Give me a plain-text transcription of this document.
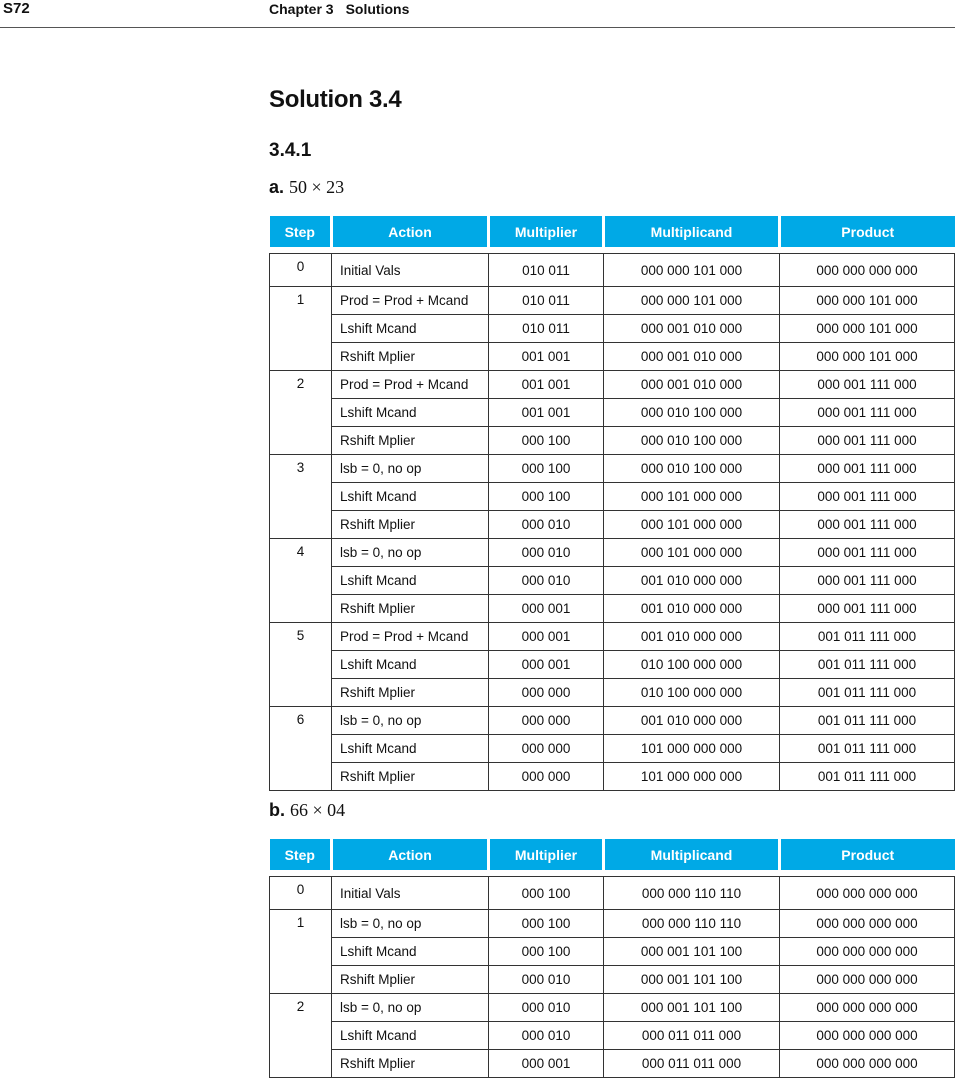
S72	Chapter 3 Solutions
Solution 3.4
3.4.1
a. 50 × 23
Step	Action	Multiplier	Multiplicand	Product

0	Initial Vals	010 011	000 000 101 000	000 000 000 000
1	Prod = Prod + Mcand	010 011	000 000 101 000	000 000 101 000
	Lshift Mcand	010 011	000 001 010 000	000 000 101 000
	Rshift Mplier	001 001	000 001 010 000	000 000 101 000
2	Prod = Prod + Mcand	001 001	000 001 010 000	000 001 111 000
	Lshift Mcand	001 001	000 010 100 000	000 001 111 000
	Rshift Mplier	000 100	000 010 100 000	000 001 111 000
3	lsb = 0, no op	000 100	000 010 100 000	000 001 111 000
	Lshift Mcand	000 100	000 101 000 000	000 001 111 000
	Rshift Mplier	000 010	000 101 000 000	000 001 111 000
4	lsb = 0, no op	000 010	000 101 000 000	000 001 111 000
	Lshift Mcand	000 010	001 010 000 000	000 001 111 000
	Rshift Mplier	000 001	001 010 000 000	000 001 111 000
5	Prod = Prod + Mcand	000 001	001 010 000 000	001 011 111 000
	Lshift Mcand	000 001	010 100 000 000	001 011 111 000
	Rshift Mplier	000 000	010 100 000 000	001 011 111 000
6	lsb = 0, no op	000 000	001 010 000 000	001 011 111 000
	Lshift Mcand	000 000	101 000 000 000	001 011 111 000
	Rshift Mplier	000 000	101 000 000 000	001 011 111 000
b. 66 × 04
Step	Action	Multiplier	Multiplicand	Product

0	Initial Vals	000 100	000 000 110 110	000 000 000 000
1	lsb = 0, no op	000 100	000 000 110 110	000 000 000 000
	Lshift Mcand	000 100	000 001 101 100	000 000 000 000
	Rshift Mplier	000 010	000 001 101 100	000 000 000 000
2	lsb = 0, no op	000 010	000 001 101 100	000 000 000 000
	Lshift Mcand	000 010	000 011 011 000	000 000 000 000
	Rshift Mplier	000 001	000 011 011 000	000 000 000 000
